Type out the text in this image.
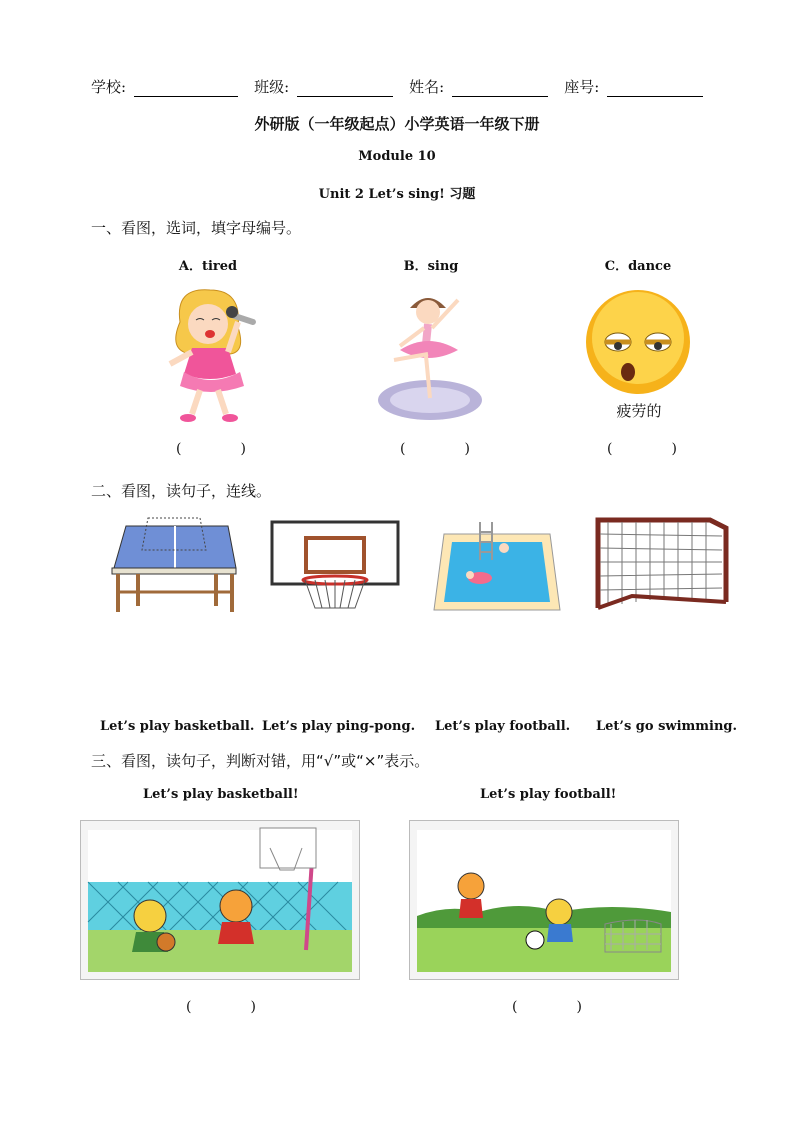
学校:	班级:	姓名:	座号:
外研版（一年级起点）小学英语一年级下册
Module 10
Unit 2 Let’s sing! 习题
一、看图，选词，填字母编号。
A．tired	B．sing	C．dance
疲劳的
(	)	(	)	(	)
二、看图，读句子，连线。
Let’s play basketball. Let’s play ping-pong. Let’s play football. Let’s go swimming.
三、看图，读句子，判断对错，用“√”或“×”表示。
Let’s play basketball!	Let’s play football!
(	)	(	)
